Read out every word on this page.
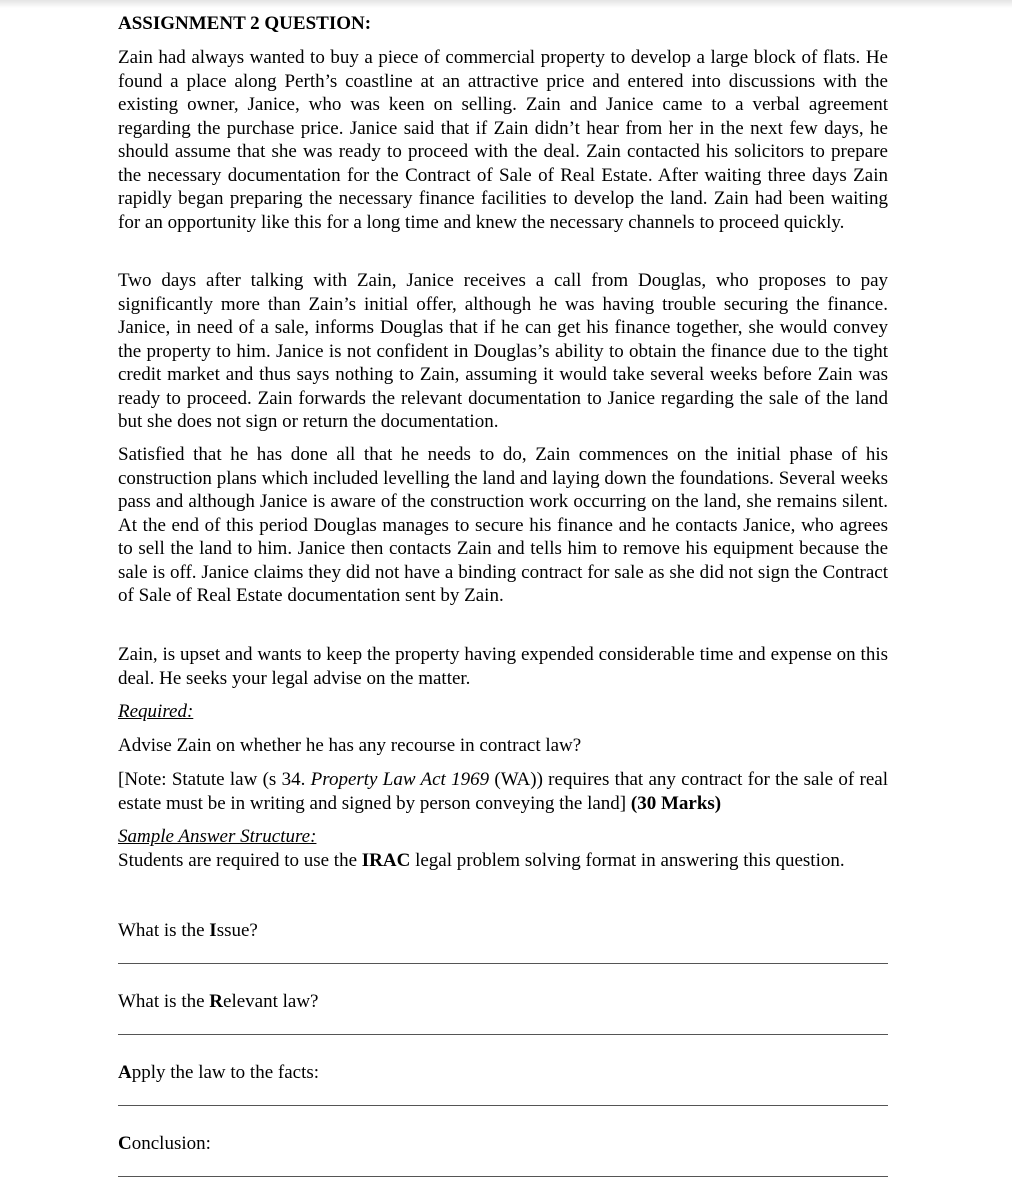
ASSIGNMENT 2 QUESTION:

Zain had always wanted to buy a piece of commercial property to develop a large block of flats. He found a place along Perth’s coastline at an attractive price and entered into discussions with the existing owner, Janice, who was keen on selling. Zain and Janice came to a verbal agreement regarding the purchase price. Janice said that if Zain didn’t hear from her in the next few days, he should assume that she was ready to proceed with the deal. Zain contacted his solicitors to prepare the necessary documentation for the Contract of Sale of Real Estate. After waiting three days Zain rapidly began preparing the necessary finance facilities to develop the land. Zain had been waiting for an opportunity like this for a long time and knew the necessary channels to proceed quickly.

Two days after talking with Zain, Janice receives a call from Douglas, who proposes to pay significantly more than Zain’s initial offer, although he was having trouble securing the finance. Janice, in need of a sale, informs Douglas that if he can get his finance together, she would convey the property to him. Janice is not confident in Douglas’s ability to obtain the finance due to the tight credit market and thus says nothing to Zain, assuming it would take several weeks before Zain was ready to proceed. Zain forwards the relevant documentation to Janice regarding the sale of the land but she does not sign or return the documentation.

Satisfied that he has done all that he needs to do, Zain commences on the initial phase of his construction plans which included levelling the land and laying down the foundations. Several weeks pass and although Janice is aware of the construction work occurring on the land, she remains silent. At the end of this period Douglas manages to secure his finance and he contacts Janice, who agrees to sell the land to him. Janice then contacts Zain and tells him to remove his equipment because the sale is off. Janice claims they did not have a binding contract for sale as she did not sign the Contract of Sale of Real Estate documentation sent by Zain.

Zain, is upset and wants to keep the property having expended considerable time and expense on this deal. He seeks your legal advise on the matter.

Required:
Advise Zain on whether he has any recourse in contract law?
[Note: Statute law (s 34. Property Law Act 1969 (WA)) requires that any contract for the sale of real estate must be in writing and signed by person conveying the land] (30 Marks)
Sample Answer Structure:
Students are required to use the IRAC legal problem solving format in answering this question.
What is the Issue?
What is the Relevant law?
Apply the law to the facts:
Conclusion:
